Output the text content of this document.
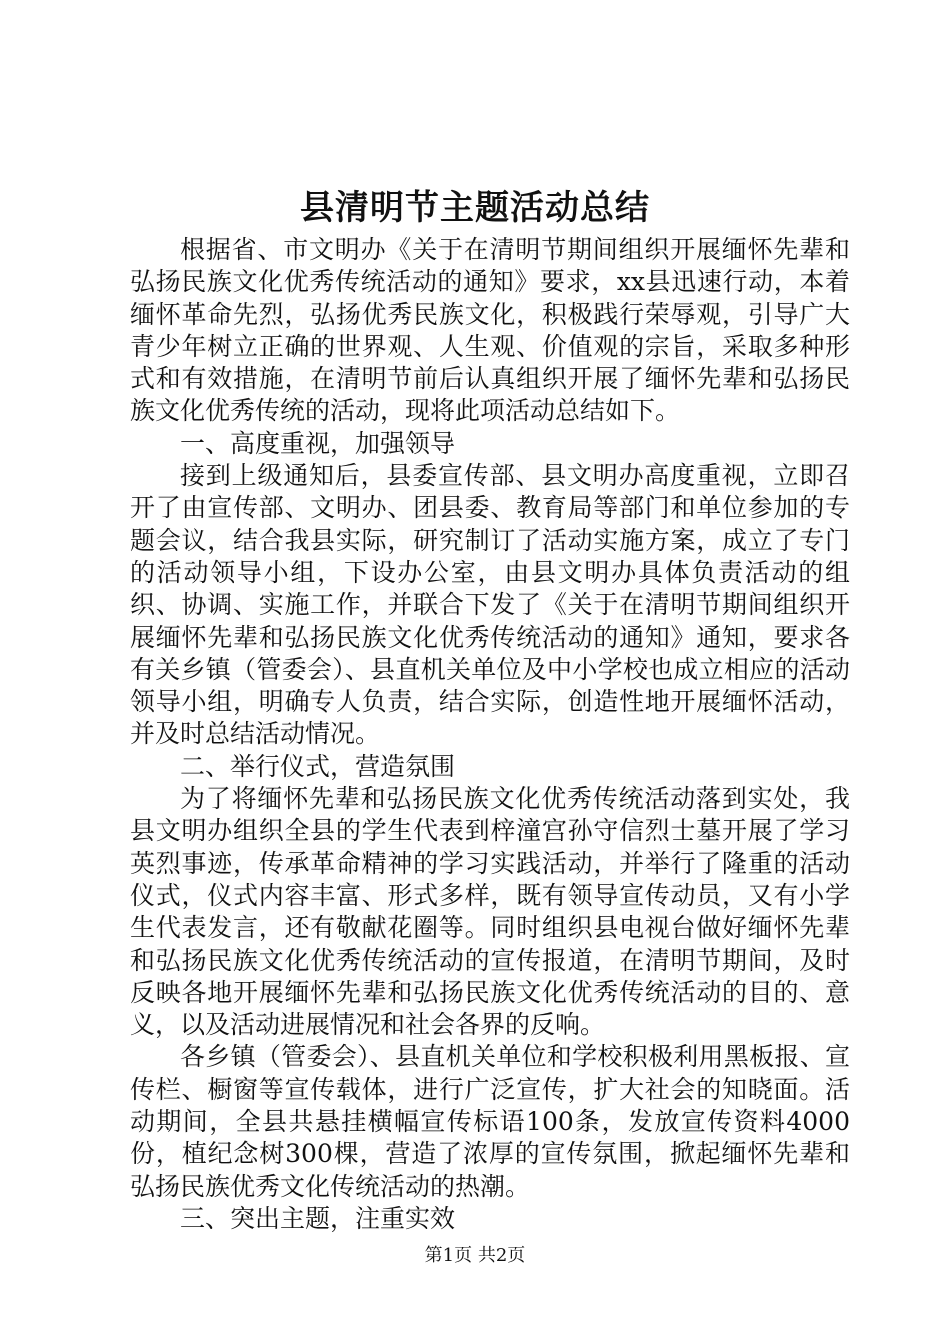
县清明节主题活动总结

根据省、市文明办《关于在清明节期间组织开展缅怀先辈和弘扬民族文化优秀传统活动的通知》要求，xx县迅速行动，本着缅怀革命先烈，弘扬优秀民族文化，积极践行荣辱观，引导广大青少年树立正确的世界观、人生观、价值观的宗旨，采取多种形式和有效措施，在清明节前后认真组织开展了缅怀先辈和弘扬民族文化优秀传统的活动，现将此项活动总结如下。

一、高度重视，加强领导

接到上级通知后，县委宣传部、县文明办高度重视，立即召开了由宣传部、文明办、团县委、教育局等部门和单位参加的专题会议，结合我县实际，研究制订了活动实施方案，成立了专门的活动领导小组，下设办公室，由县文明办具体负责活动的组织、协调、实施工作，并联合下发了《关于在清明节期间组织开展缅怀先辈和弘扬民族文化优秀传统活动的通知》通知，要求各有关乡镇（管委会）、县直机关单位及中小学校也成立相应的活动领导小组，明确专人负责，结合实际，创造性地开展缅怀活动，并及时总结活动情况。

二、举行仪式，营造氛围

为了将缅怀先辈和弘扬民族文化优秀传统活动落到实处，我县文明办组织全县的学生代表到梓潼宫孙守信烈士墓开展了学习英烈事迹，传承革命精神的学习实践活动，并举行了隆重的活动仪式，仪式内容丰富、形式多样，既有领导宣传动员，又有小学生代表发言，还有敬献花圈等。同时组织县电视台做好缅怀先辈和弘扬民族文化优秀传统活动的宣传报道，在清明节期间，及时反映各地开展缅怀先辈和弘扬民族文化优秀传统活动的目的、意义，以及活动进展情况和社会各界的反响。

各乡镇（管委会）、县直机关单位和学校积极利用黑板报、宣传栏、橱窗等宣传载体，进行广泛宣传，扩大社会的知晓面。活动期间，全县共悬挂横幅宣传标语100条，发放宣传资料4000份，植纪念树300棵，营造了浓厚的宣传氛围，掀起缅怀先辈和弘扬民族优秀文化传统活动的热潮。

三、突出主题，注重实效

第1页 共2页
